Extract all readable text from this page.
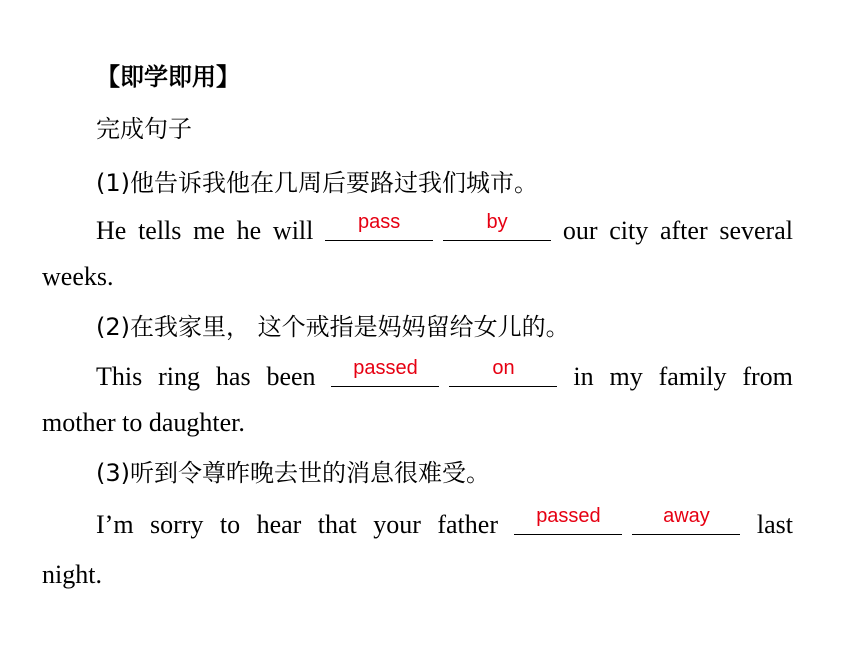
【即学即用】
完成句子
(1)他告诉我他在几周后要路过我们城市。
He tells me he will	pass	by	our city after several
weeks.
(2)在我家里， 这个戒指是妈妈留给女儿的。
This ring has been	passed	on	in my family from
mother to daughter.
(3)听到令尊昨晚去世的消息很难受。
I’m sorry to hear that your father	passed	away	last
night.
